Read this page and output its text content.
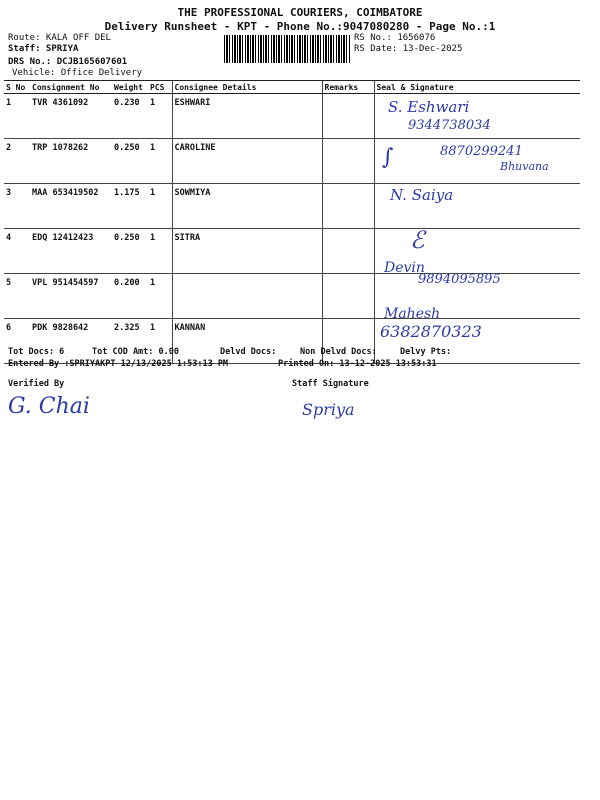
THE PROFESSIONAL COURIERS, COIMBATORE
Delivery Runsheet - KPT - Phone No.:9047080280 - Page No.:1
Route: KALA OFF DEL
Staff: SPRIYA
DRS No.: DCJB165607601
Vehicle: Office Delivery
RS No.: 1656076
RS Date: 13-Dec-2025
S No	Consignment No	Weight	PCS	Consignee Details	Remarks	Seal & Signature
1	TVR 4361092	0.230	1	ESHWARI		
2	TRP 1078262	0.250	1	CAROLINE		
3	MAA 653419502	1.175	1	SOWMIYA		
4	EDQ 12412423	0.250	1	SITRA		
5	VPL 951454597	0.200	1			
6	PDK 9828642	2.325	1	KANNAN		
S. Eshwari
9344738034
∫	8870299241
Bhuvana
N. Saiya
ℰ
Devin
9894095895
Mahesh
6382870323
Tot Docs: 6	Tot COD Amt: 0.00	Delvd Docs:	Non Delvd Docs:	Delvy Pts:
Entered By :SPRIYAKPT 12/13/2025 1:53:13 PM	Printed On: 13-12-2025 13:53:31
Verified By	Staff Signature
G. Chai	Spriya
